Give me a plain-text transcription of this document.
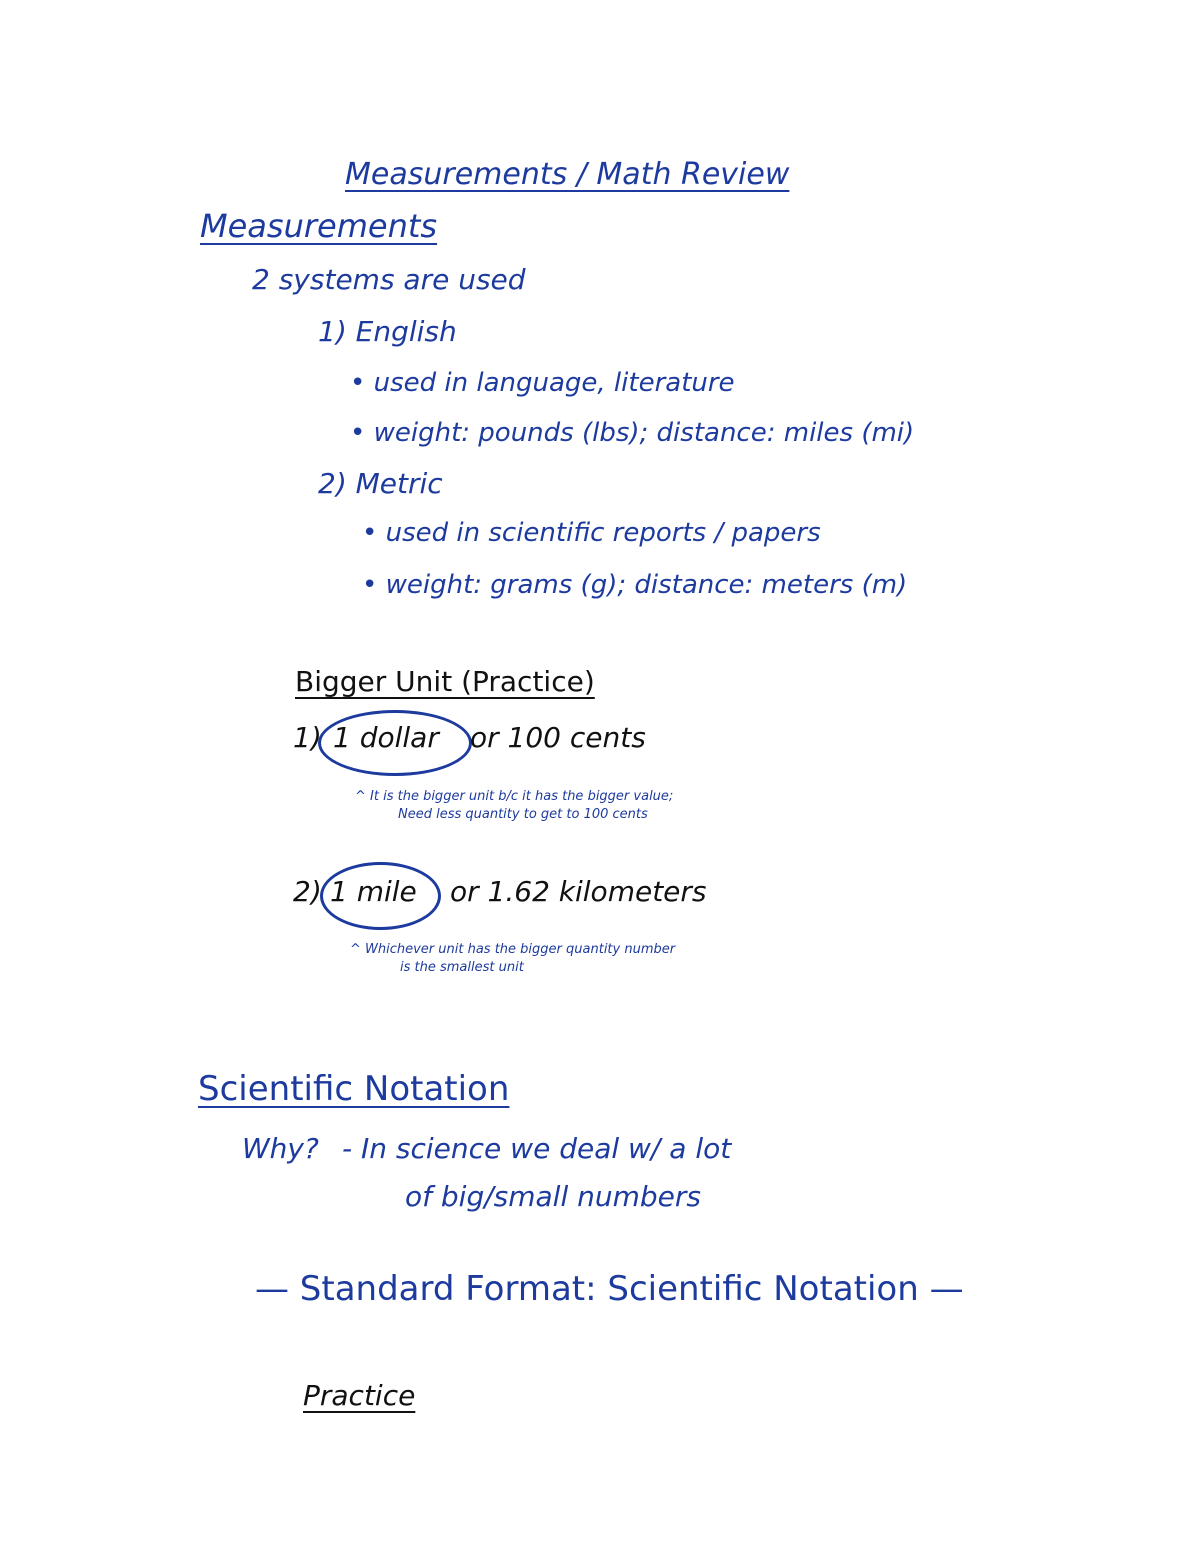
Measurements / Math Review
Measurements
2 systems are used
1) English
• used in language, literature
• weight: pounds (lbs); distance: miles (mi)
2) Metric
• used in scientific reports / papers
• weight: grams (g); distance: meters (m)
Bigger Unit (Practice)
1) 1 dollar or 100 cents
^ It is the bigger unit b/c it has the bigger value;
Need less quantity to get to 100 cents
2) 1 mile or 1.62 kilometers
^ Whichever unit has the bigger quantity number
is the smallest unit
Scientific Notation
Why? - In science we deal w/ a lot
of big/small numbers
— Standard Format: Scientific Notation —
Practice
